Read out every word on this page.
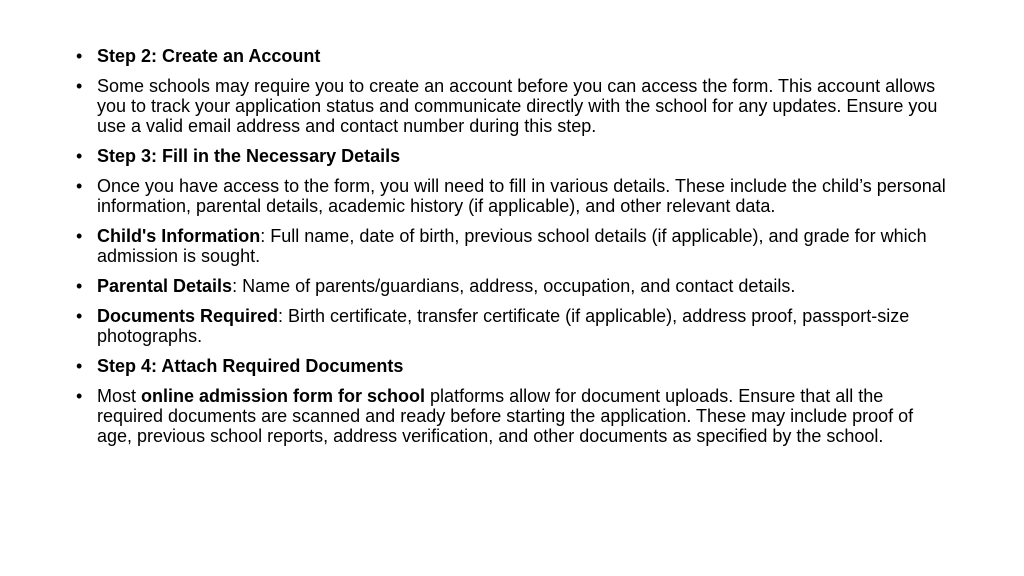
• Step 2: Create an Account
• Some schools may require you to create an account before you can access the form. This account allows you to track your application status and communicate directly with the school for any updates. Ensure you use a valid email address and contact number during this step.
• Step 3: Fill in the Necessary Details
• Once you have access to the form, you will need to fill in various details. These include the child’s personal information, parental details, academic history (if applicable), and other relevant data.
• Child's Information: Full name, date of birth, previous school details (if applicable), and grade for which admission is sought.
• Parental Details: Name of parents/guardians, address, occupation, and contact details.
• Documents Required: Birth certificate, transfer certificate (if applicable), address proof, passport-size photographs.
• Step 4: Attach Required Documents
• Most online admission form for school platforms allow for document uploads. Ensure that all the required documents are scanned and ready before starting the application. These may include proof of age, previous school reports, address verification, and other documents as specified by the school.
